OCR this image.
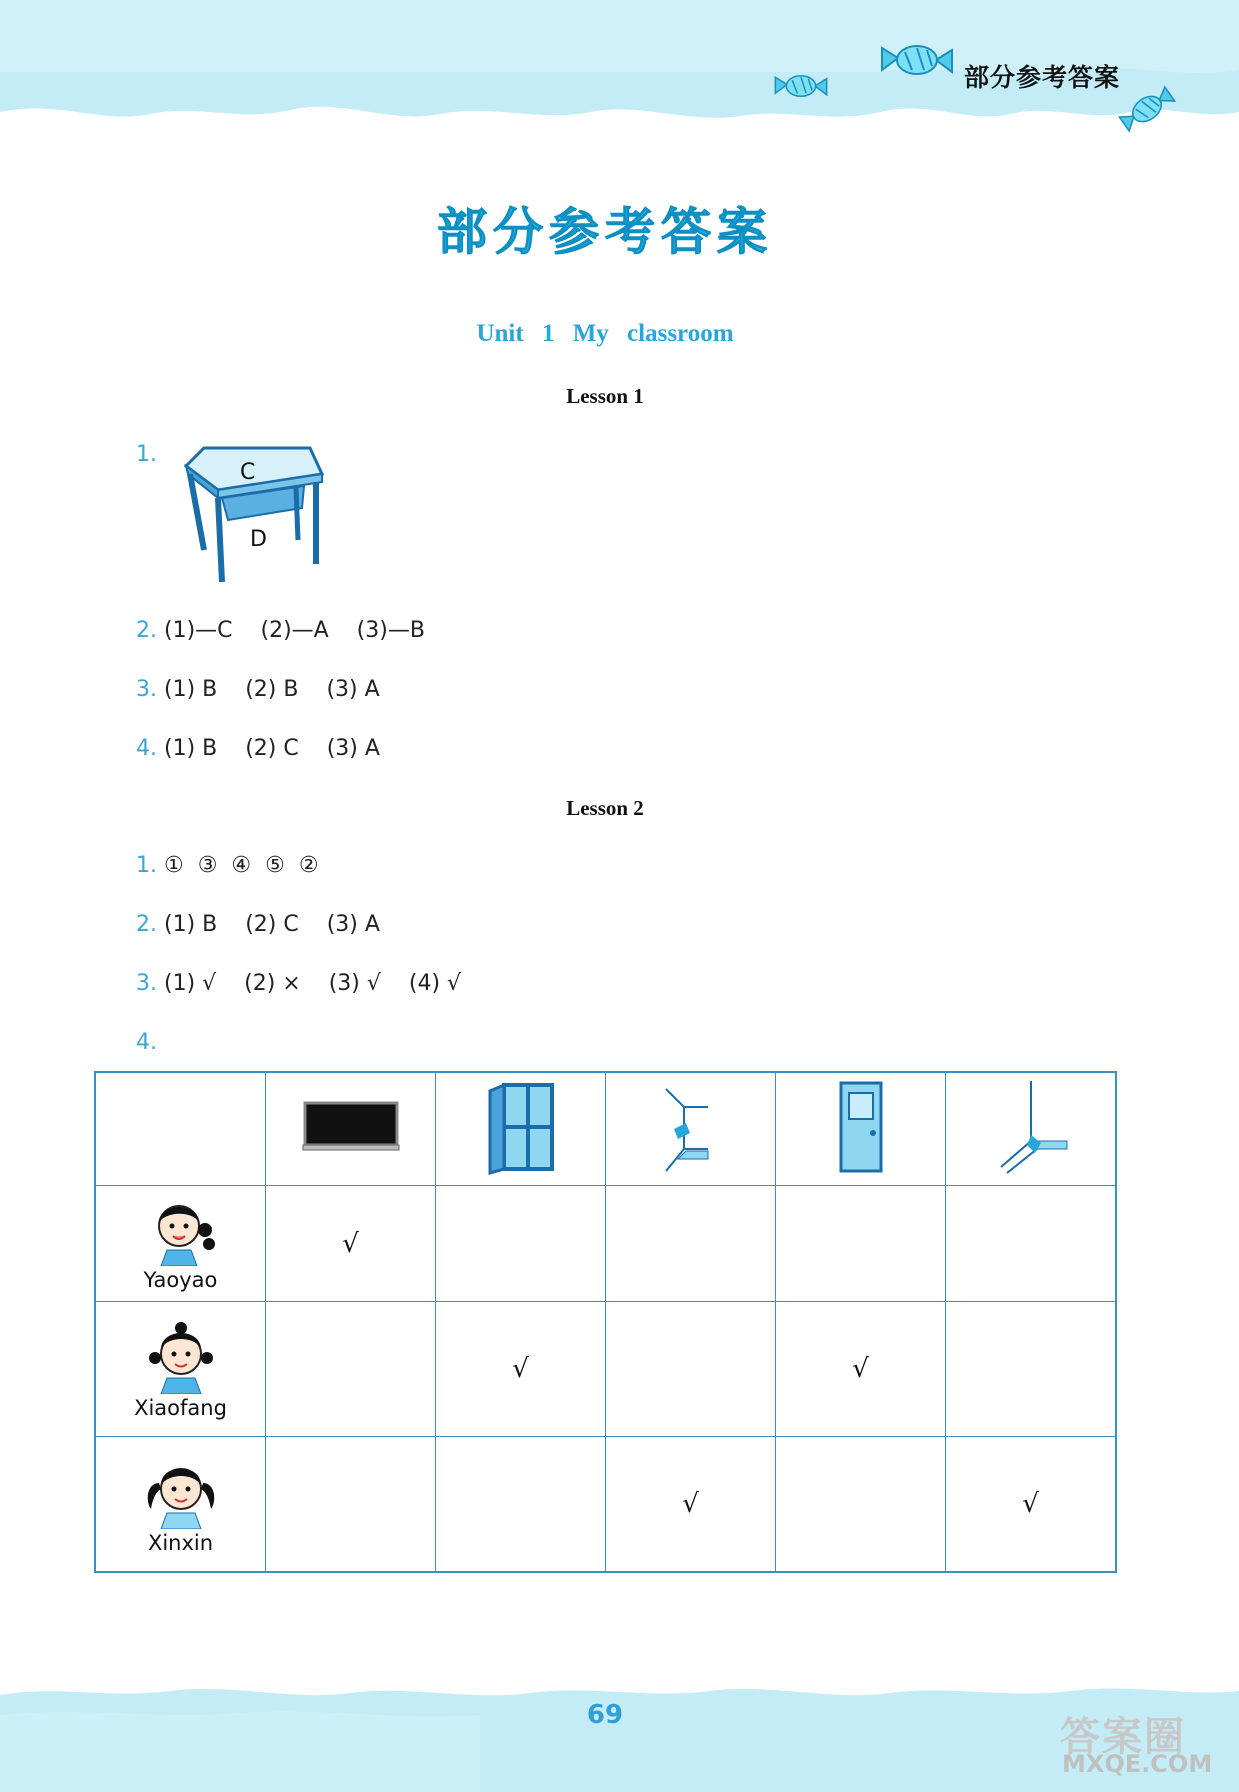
部分参考答案
部分参考答案
Unit 1 My classroom
Lesson 1
1.
C
D
2. (1)—C    (2)—A    (3)—B
3. (1) B    (2) B    (3) A
4. (1) B    (2) C    (3) A
Lesson 2
1. ①  ③  ④  ⑤  ②
2. (1) B    (2) C    (3) A
3. (1) √    (2) ×    (3) √    (4) √
4.

Yaoyao	√				

Xiaofang		√		√	

Xinxin			√		√
69	答案圈
MXQE.COM
